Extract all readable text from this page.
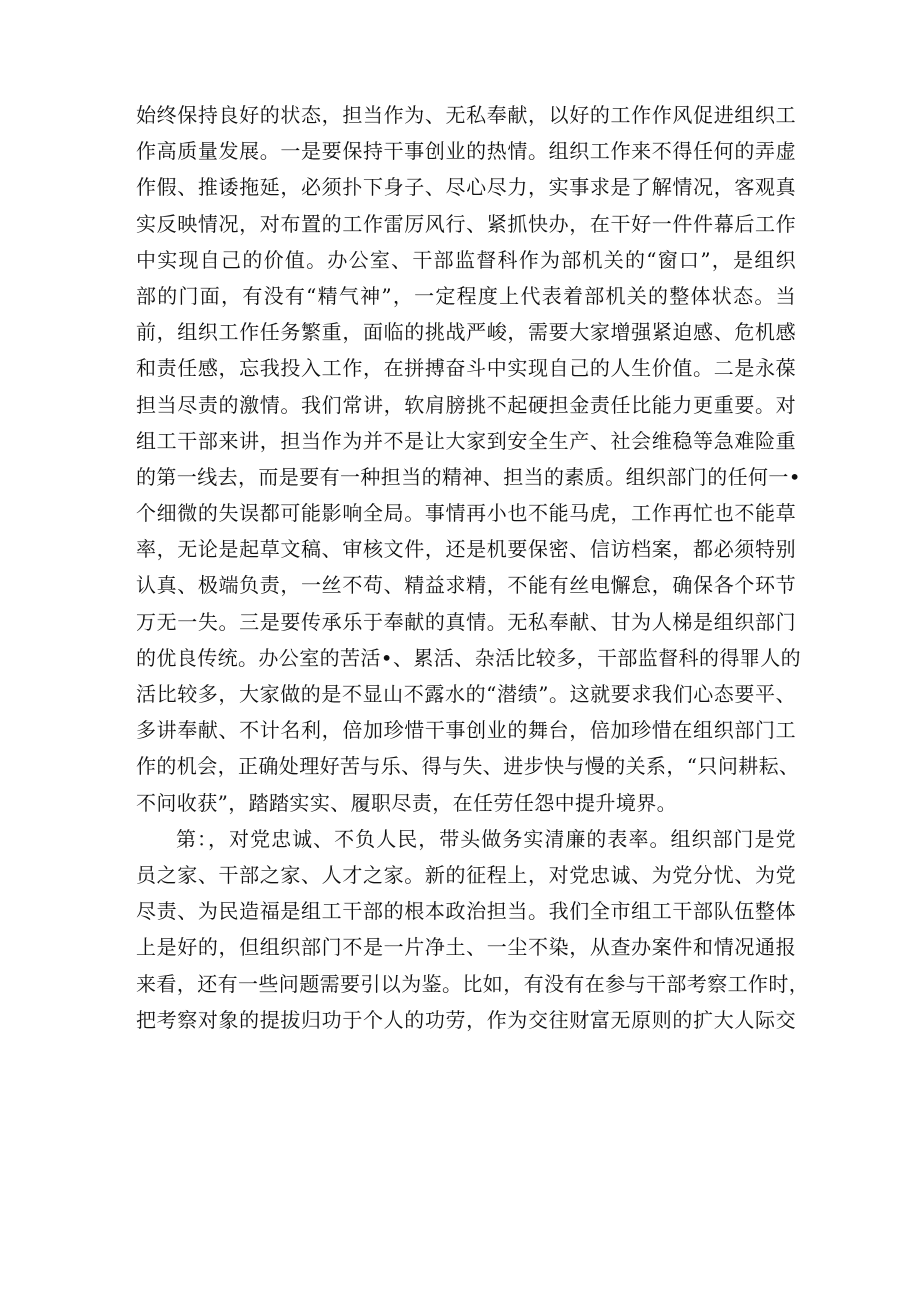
始终保持良好的状态，担当作为、无私奉献，以好的工作作风促进组织工
作高质量发展。一是要保持干事创业的热情。组织工作来不得任何的弄虚
作假、推诿拖延，必须扑下身子、尽心尽力，实事求是了解情况，客观真
实反映情况，对布置的工作雷厉风行、紧抓快办，在干好一件件幕后工作
中实现自己的价值。办公室、干部监督科作为部机关的“窗口”，是组织
部的门面，有没有“精气神”，一定程度上代表着部机关的整体状态。当
前，组织工作任务繁重，面临的挑战严峻，需要大家增强紧迫感、危机感
和责任感，忘我投入工作，在拼搏奋斗中实现自己的人生价值。二是永葆
担当尽责的激情。我们常讲，软肩膀挑不起硬担金责任比能力更重要。对
组工干部来讲，担当作为并不是让大家到安全生产、社会维稳等急难险重
的第一线去，而是要有一种担当的精神、担当的素质。组织部门的任何一•
个细微的失误都可能影响全局。事情再小也不能马虎，工作再忙也不能草
率，无论是起草文稿、审核文件，还是机要保密、信访档案，都必须特别
认真、极端负责，一丝不苟、精益求精，不能有丝电懈怠，确保各个环节
万无一失。三是要传承乐于奉献的真情。无私奉献、甘为人梯是组织部门
的优良传统。办公室的苦活•、累活、杂活比较多，干部监督科的得罪人的
活比较多，大家做的是不显山不露水的“潜绩”。这就要求我们心态要平、
多讲奉献、不计名利，倍加珍惜干事创业的舞台，倍加珍惜在组织部门工
作的机会，正确处理好苦与乐、得与失、进步快与慢的关系，“只问耕耘、
不问收获”，踏踏实实、履职尽责，在任劳任怨中提升境界。
第：，对党忠诚、不负人民，带头做务实清廉的表率。组织部门是党
员之家、干部之家、人才之家。新的征程上，对党忠诚、为党分忧、为党
尽责、为民造福是组工干部的根本政治担当。我们全市组工干部队伍整体
上是好的，但组织部门不是一片净土、一尘不染，从查办案件和情况通报
来看，还有一些问题需要引以为鉴。比如，有没有在参与干部考察工作时，
把考察对象的提拔归功于个人的功劳，作为交往财富无原则的扩大人际交
